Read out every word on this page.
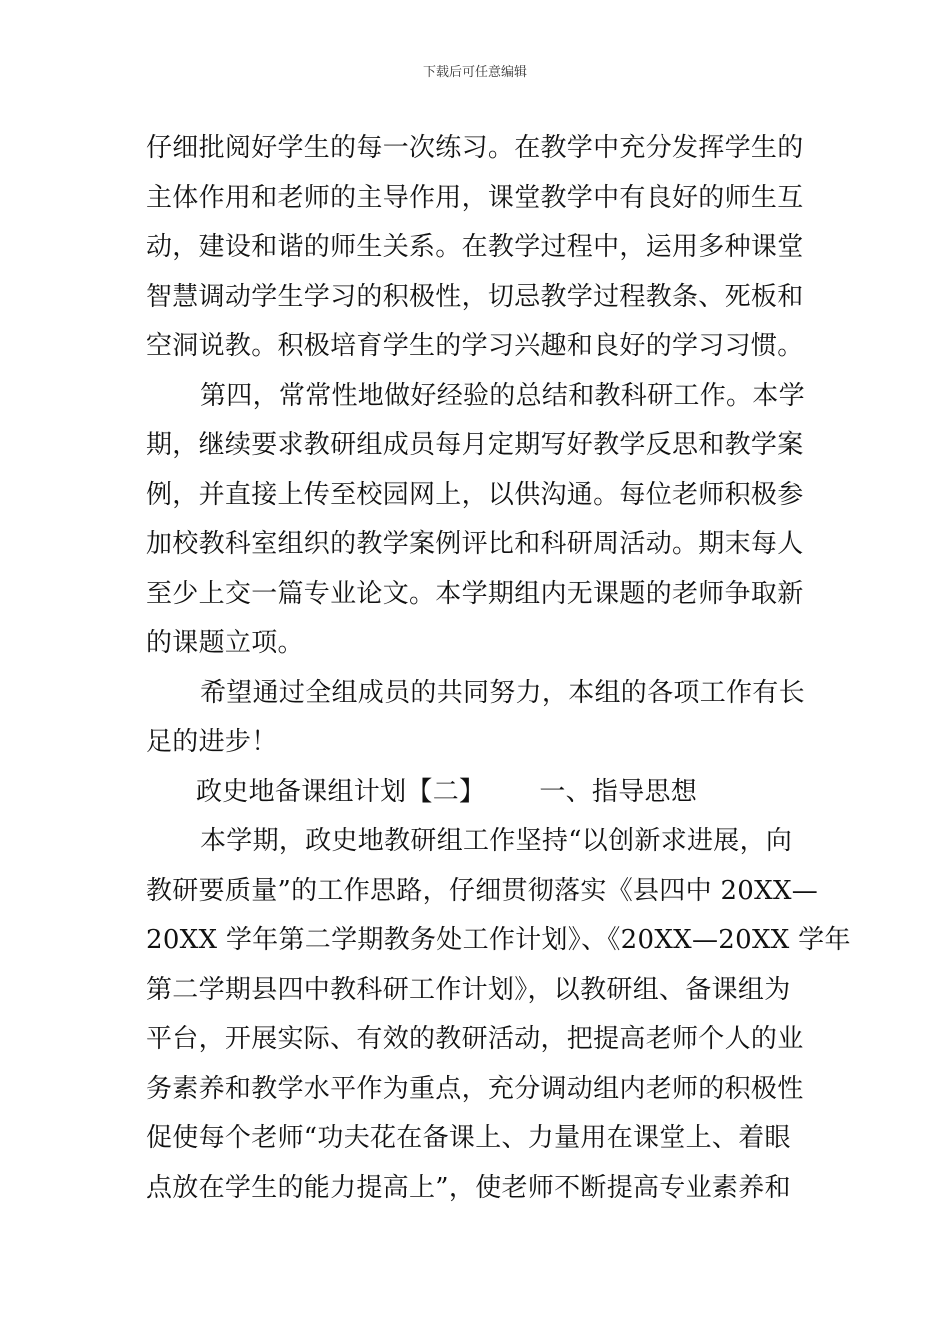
下载后可任意编辑
仔细批阅好学生的每一次练习。在教学中充分发挥学生的
主体作用和老师的主导作用，课堂教学中有良好的师生互
动，建设和谐的师生关系。在教学过程中，运用多种课堂
智慧调动学生学习的积极性，切忌教学过程教条、死板和
空洞说教。积极培育学生的学习兴趣和良好的学习习惯。
第四，常常性地做好经验的总结和教科研工作。本学
期，继续要求教研组成员每月定期写好教学反思和教学案
例，并直接上传至校园网上，以供沟通。每位老师积极参
加校教科室组织的教学案例评比和科研周活动。期末每人
至少上交一篇专业论文。本学期组内无课题的老师争取新
的课题立项。
希望通过全组成员的共同努力，本组的各项工作有长
足的进步！
政史地备课组计划【二】 一、指导思想
本学期，政史地教研组工作坚持“以创新求进展，向
教研要质量”的工作思路，仔细贯彻落实《县四中 20XX—
20XX 学年第二学期教务处工作计划》、《20XX—20XX 学年
第二学期县四中教科研工作计划》，以教研组、备课组为
平台，开展实际、有效的教研活动，把提高老师个人的业
务素养和教学水平作为重点，充分调动组内老师的积极性
促使每个老师“功夫花在备课上、力量用在课堂上、着眼
点放在学生的能力提高上”，使老师不断提高专业素养和
